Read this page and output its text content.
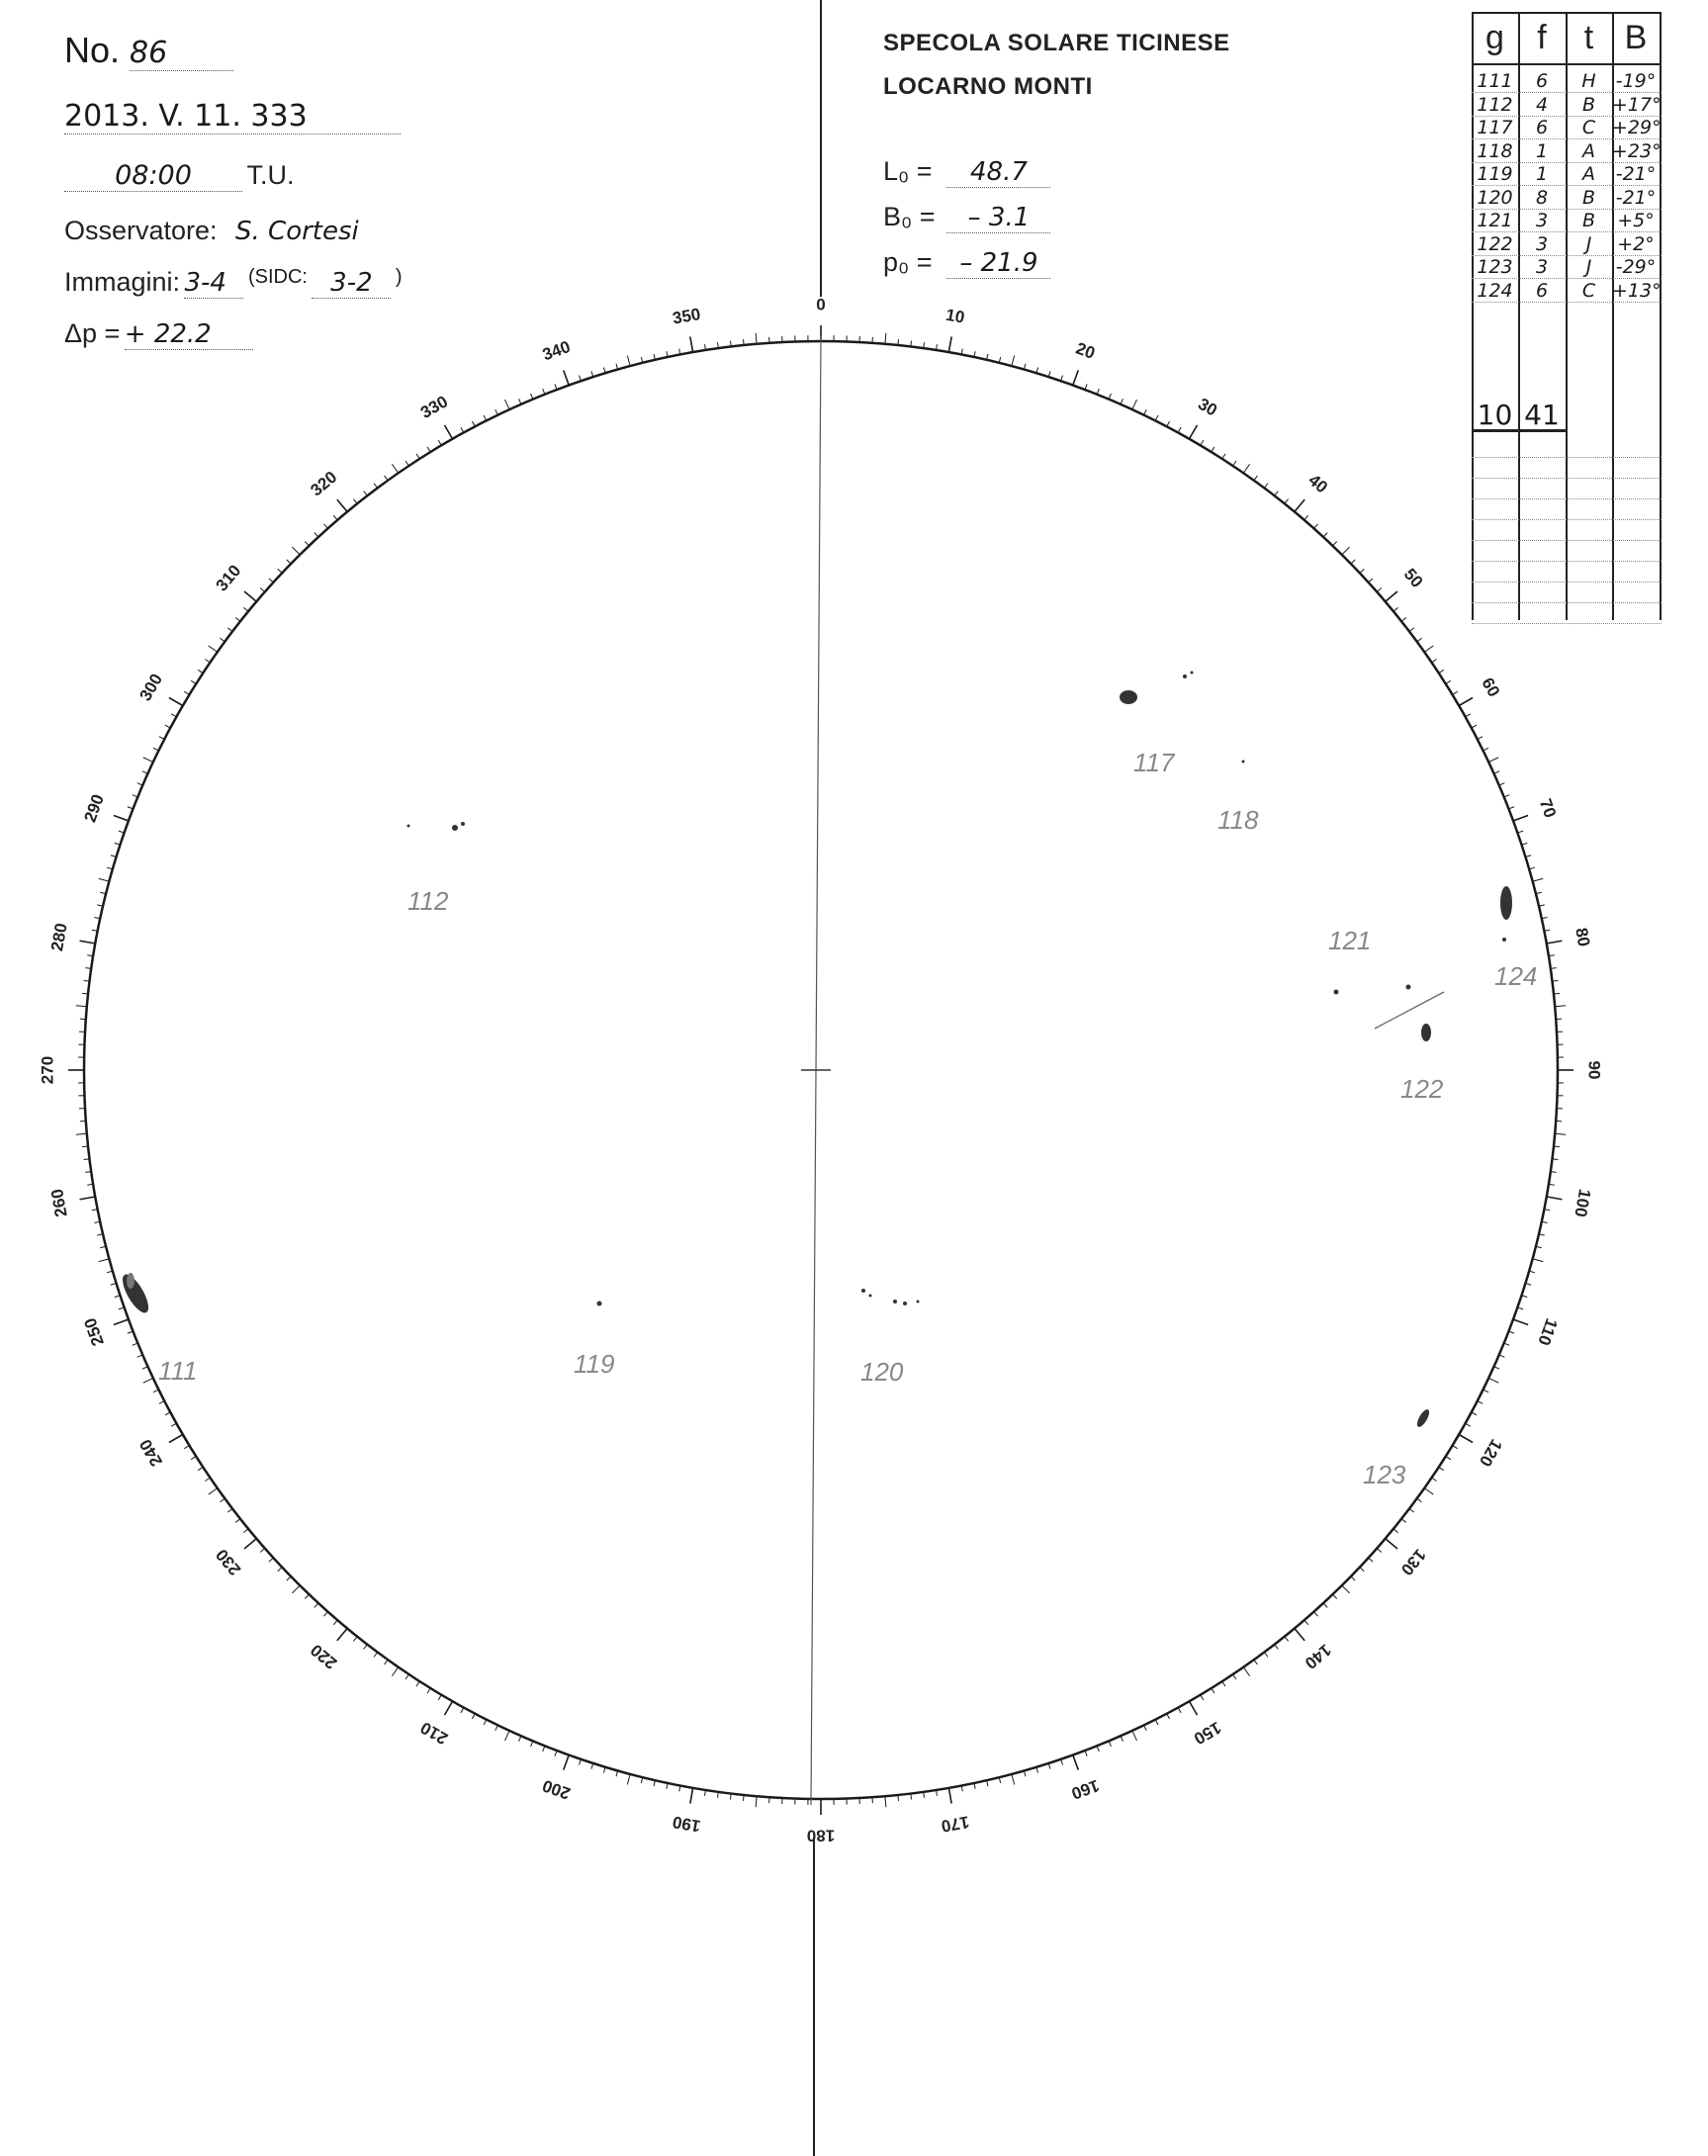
No. 86
2013. V. 11. 333
08:00 T.U.
Osservatore: S. Cortesi
Immagini: 3-4 (SIDC: 3-2 )
Δp = + 22.2
SPECOLA SOLARE TICINESE
LOCARNO MONTI
L₀ = 48.7
B₀ = – 3.1
p₀ = – 21.9
g f	t B
111	6	H	-19°
112	4	B +17°
117	6	C +29°
118	1	A +23°
119	1	A	-21°
120	8	B	-21°
121	3	B	+5°
122	3	J	+2°
123	3	J	-29°
124	6	C +13°
10 41
0
10
20
30
40
50
60
70
80
90
100
110
120
130
140
150
160
170
180
190
200
210
220
230
240
250
260
270
280
290
300
310
320
330
340
350
111
112
117
118
119	120
121
122
123
124
